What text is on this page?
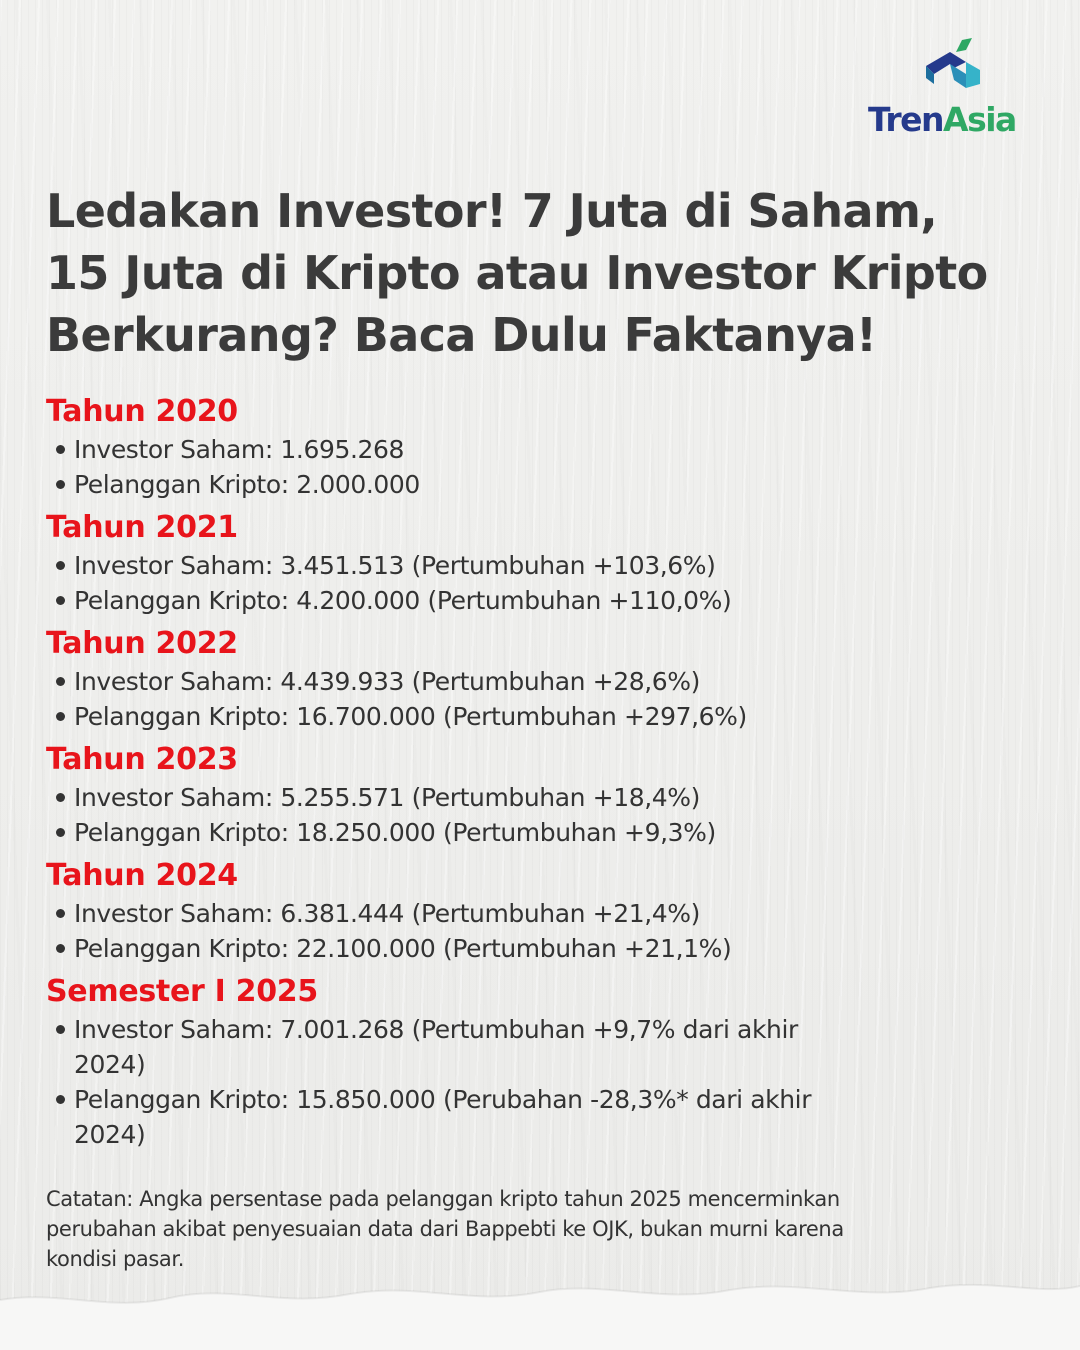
TrenAsia
Ledakan Investor! 7 Juta di Saham,
15 Juta di Kripto atau Investor Kripto
Berkurang? Baca Dulu Faktanya!
Tahun 2020
Investor Saham: 1.695.268
Pelanggan Kripto: 2.000.000
Tahun 2021
Investor Saham: 3.451.513 (Pertumbuhan +103,6%)
Pelanggan Kripto: 4.200.000 (Pertumbuhan +110,0%)
Tahun 2022
Investor Saham: 4.439.933 (Pertumbuhan +28,6%)
Pelanggan Kripto: 16.700.000 (Pertumbuhan +297,6%)
Tahun 2023
Investor Saham: 5.255.571 (Pertumbuhan +18,4%)
Pelanggan Kripto: 18.250.000 (Pertumbuhan +9,3%)
Tahun 2024
Investor Saham: 6.381.444 (Pertumbuhan +21,4%)
Pelanggan Kripto: 22.100.000 (Pertumbuhan +21,1%)
Semester I 2025
Investor Saham: 7.001.268 (Pertumbuhan +9,7% dari akhir 2024)
Pelanggan Kripto: 15.850.000 (Perubahan -28,3%* dari akhir 2024)

Catatan: Angka persentase pada pelanggan kripto tahun 2025 mencerminkan perubahan akibat penyesuaian data dari Bappebti ke OJK, bukan murni karena kondisi pasar.
